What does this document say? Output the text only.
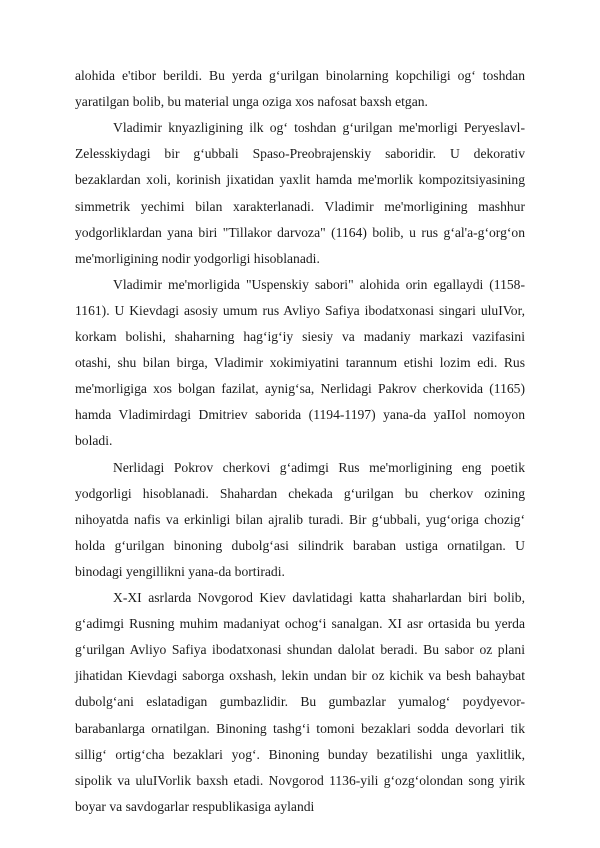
alohida e'tibor berildi. Bu yerda g‘urilgan binolarning kopchiligi og‘ toshdan
yaratilgan bolib, bu material unga oziga xos nafosat baxsh etgan.
Vladimir knyazligining ilk og‘ toshdan g‘urilgan me'morligi Peryeslavl-
Zelesskiydagi bir g‘ubbali Spaso-Preobrajenskiy saboridir. U dekorativ
bezaklardan xoli, korinish jixatidan yaxlit hamda me'morlik kompozitsiyasining
simmetrik yechimi bilan xarakterlanadi. Vladimir me'morligining mashhur
yodgorliklardan yana biri "Tillakor darvoza" (1164) bolib, u rus g‘al'a-g‘org‘on
me'morligining nodir yodgorligi hisoblanadi.
Vladimir me'morligida "Uspenskiy sabori" alohida orin egallaydi (1158-
1161). U Kievdagi asosiy umum rus Avliyo Safiya ibodatxonasi singari uluIVor,
korkam bolishi, shaharning hag‘ig‘iy siesiy va madaniy markazi vazifasini
otashi, shu bilan birga, Vladimir xokimiyatini tarannum etishi lozim edi. Rus
me'morligiga xos bolgan fazilat, aynig‘sa, Nerlidagi Pakrov cherkovida (1165)
hamda Vladimirdagi Dmitriev saborida (1194-1197) yana-da yaIIol nomoyon
boladi.
Nerlidagi Pokrov cherkovi g‘adimgi Rus me'morligining eng poetik
yodgorligi hisoblanadi. Shahardan chekada g‘urilgan bu cherkov ozining
nihoyatda nafis va erkinligi bilan ajralib turadi. Bir g‘ubbali, yug‘origa chozig‘
holda g‘urilgan binoning dubolg‘asi silindrik baraban ustiga ornatilgan. U
binodagi yengillikni yana-da bortiradi.
X-XI asrlarda Novgorod Kiev davlatidagi katta shaharlardan biri bolib,
g‘adimgi Rusning muhim madaniyat ochog‘i sanalgan. XI asr ortasida bu yerda
g‘urilgan Avliyo Safiya ibodatxonasi shundan dalolat beradi. Bu sabor oz plani
jihatidan Kievdagi saborga oxshash, lekin undan bir oz kichik va besh bahaybat
dubolg‘ani eslatadigan gumbazlidir. Bu gumbazlar yumalog‘ poydyevor-
barabanlarga ornatilgan. Binoning tashg‘i tomoni bezaklari sodda devorlari tik
sillig‘ ortig‘cha bezaklari yog‘. Binoning bunday bezatilishi unga yaxlitlik,
sipolik va uluIVorlik baxsh etadi. Novgorod 1136-yili g‘ozg‘olondan song yirik
boyar va savdogarlar respublikasiga aylandi
